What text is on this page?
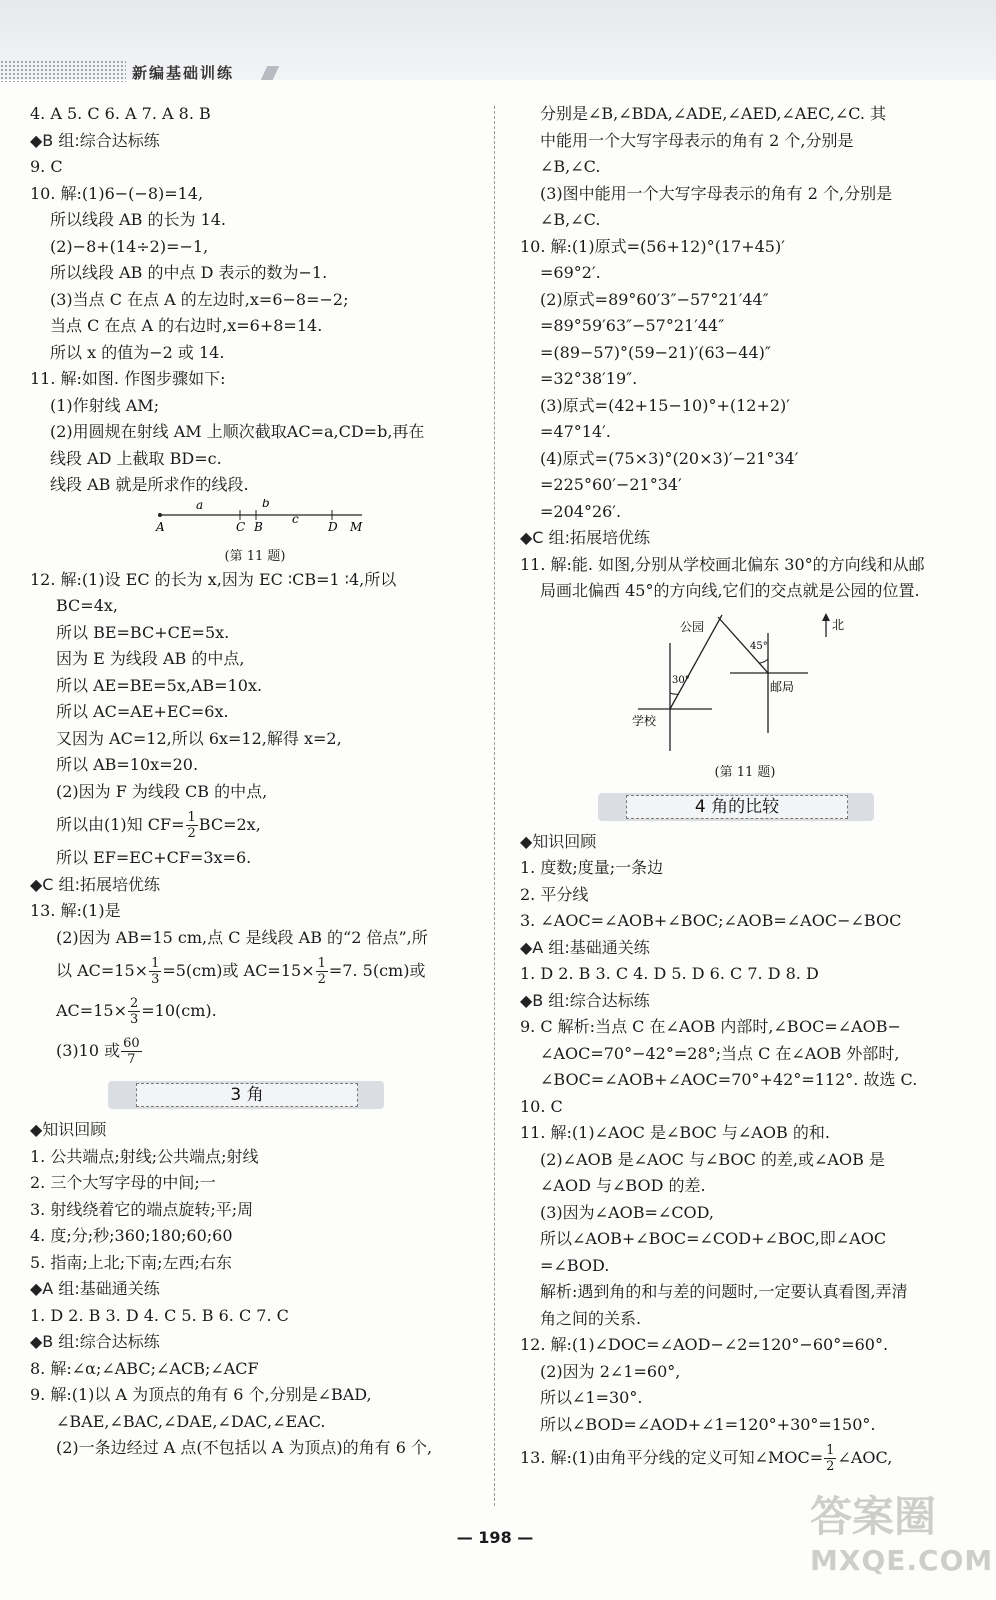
新编基础训练
4. A 5. C 6. A 7. A 8. B
◆B 组:综合达标练
9. C
10. 解:(1)6−(−8)=14,
所以线段 AB 的长为 14.
(2)−8+(14÷2)=−1,
所以线段 AB 的中点 D 表示的数为−1.
(3)当点 C 在点 A 的左边时,x=6−8=−2;
当点 C 在点 A 的右边时,x=6+8=14.
所以 x 的值为−2 或 14.
11. 解:如图. 作图步骤如下:
(1)作射线 AM;
(2)用圆规在射线 AM 上顺次截取AC=a,CD=b,再在
线段 AD 上截取 BD=c.
线段 AB 就是所求作的线段.
A	C B	D M
a	b
c
(第 11 题)
12. 解:(1)设 EC 的长为 x,因为 EC ∶CB=1 ∶4,所以
BC=4x,
所以 BE=BC+CE=5x.
因为 E 为线段 AB 的中点,
所以 AE=BE=5x,AB=10x.
所以 AC=AE+EC=6x.
又因为 AC=12,所以 6x=12,解得 x=2,
所以 AB=10x=20.
(2)因为 F 为线段 CB 的中点,
所以由(1)知 $CF= \frac{1}{2} BC=2x$,
所以 EF=EC+CF=3x=6.
◆C 组:拓展培优练
13. 解:(1)是
(2)因为 AB=15 cm,点 C 是线段 AB 的“2 倍点”,所
以 $AC=15\times \frac{1}{3} =5(cm)$或 $AC=15\times \frac{1}{2} =7$. 5(cm)或
$AC=15\times \frac{2}{3} =10(cm)$.
(3)10 或 $\frac{60}{7}$
3 角
◆知识回顾
1. 公共端点;射线;公共端点;射线
2. 三个大写字母的中间;一
3. 射线绕着它的端点旋转;平;周
4. 度;分;秒;360;180;60;60
5. 指南;上北;下南;左西;右东
◆A 组:基础通关练
1. D 2. B 3. D 4. C 5. B 6. C 7. C
◆B 组:综合达标练
8. 解:∠α;∠ABC;∠ACB;∠ACF
9. 解:(1)以 A 为顶点的角有 6 个,分别是∠BAD,
∠BAE,∠BAC,∠DAE,∠DAC,∠EAC.
(2)一条边经过 A 点(不包括以 A 为顶点)的角有 6 个,
分别是∠B,∠BDA,∠ADE,∠AED,∠AEC,∠C. 其
中能用一个大写字母表示的角有 2 个,分别是
∠B,∠C.
(3)图中能用一个大写字母表示的角有 2 个,分别是
∠B,∠C.
10. 解:(1)原式=(56+12)°(17+45)′
=69°2′.
(2)原式=89°60′3″−57°21′44″
=89°59′63″−57°21′44″
=(89−57)°(59−21)′(63−44)″
=32°38′19″.
(3)原式=(42+15−10)°+(12+2)′
=47°14′.
(4)原式=(75×3)°(20×3)′−21°34′
=225°60′−21°34′
=204°26′.
◆C 组:拓展培优练
11. 解:能. 如图,分别从学校画北偏东 30°的方向线和从邮
局画北偏西 45°的方向线,它们的交点就是公园的位置.
公园
学校
邮局
北
30°
45°
(第 11 题)
4 角的比较
◆知识回顾
1. 度数;度量;一条边
2. 平分线
3. ∠AOC=∠AOB+∠BOC;∠AOB=∠AOC−∠BOC
◆A 组:基础通关练
1. D 2. B 3. C 4. D 5. D 6. C 7. D 8. D
◆B 组:综合达标练
9. C 解析:当点 C 在∠AOB 内部时,∠BOC=∠AOB−
∠AOC=70°−42°=28°;当点 C 在∠AOB 外部时,
∠BOC=∠AOB+∠AOC=70°+42°=112°. 故选 C.
10. C
11. 解:(1)∠AOC 是∠BOC 与∠AOB 的和.
(2)∠AOB 是∠AOC 与∠BOC 的差,或∠AOB 是
∠AOD 与∠BOD 的差.
(3)因为∠AOB=∠COD,
所以∠AOB+∠BOC=∠COD+∠BOC,即∠AOC
=∠BOD.
解析:遇到角的和与差的问题时,一定要认真看图,弄清
角之间的关系.
12. 解:(1)∠DOC=∠AOD−∠2=120°−60°=60°.
(2)因为 2∠1=60°,
所以∠1=30°.
所以∠BOD=∠AOD+∠1=120°+30°=150°.
13. 解:(1)由角平分线的定义可知∠MOC= $\frac{1}{2}$ ∠AOC,
— 198 —	答案圈
MXQE.COM
